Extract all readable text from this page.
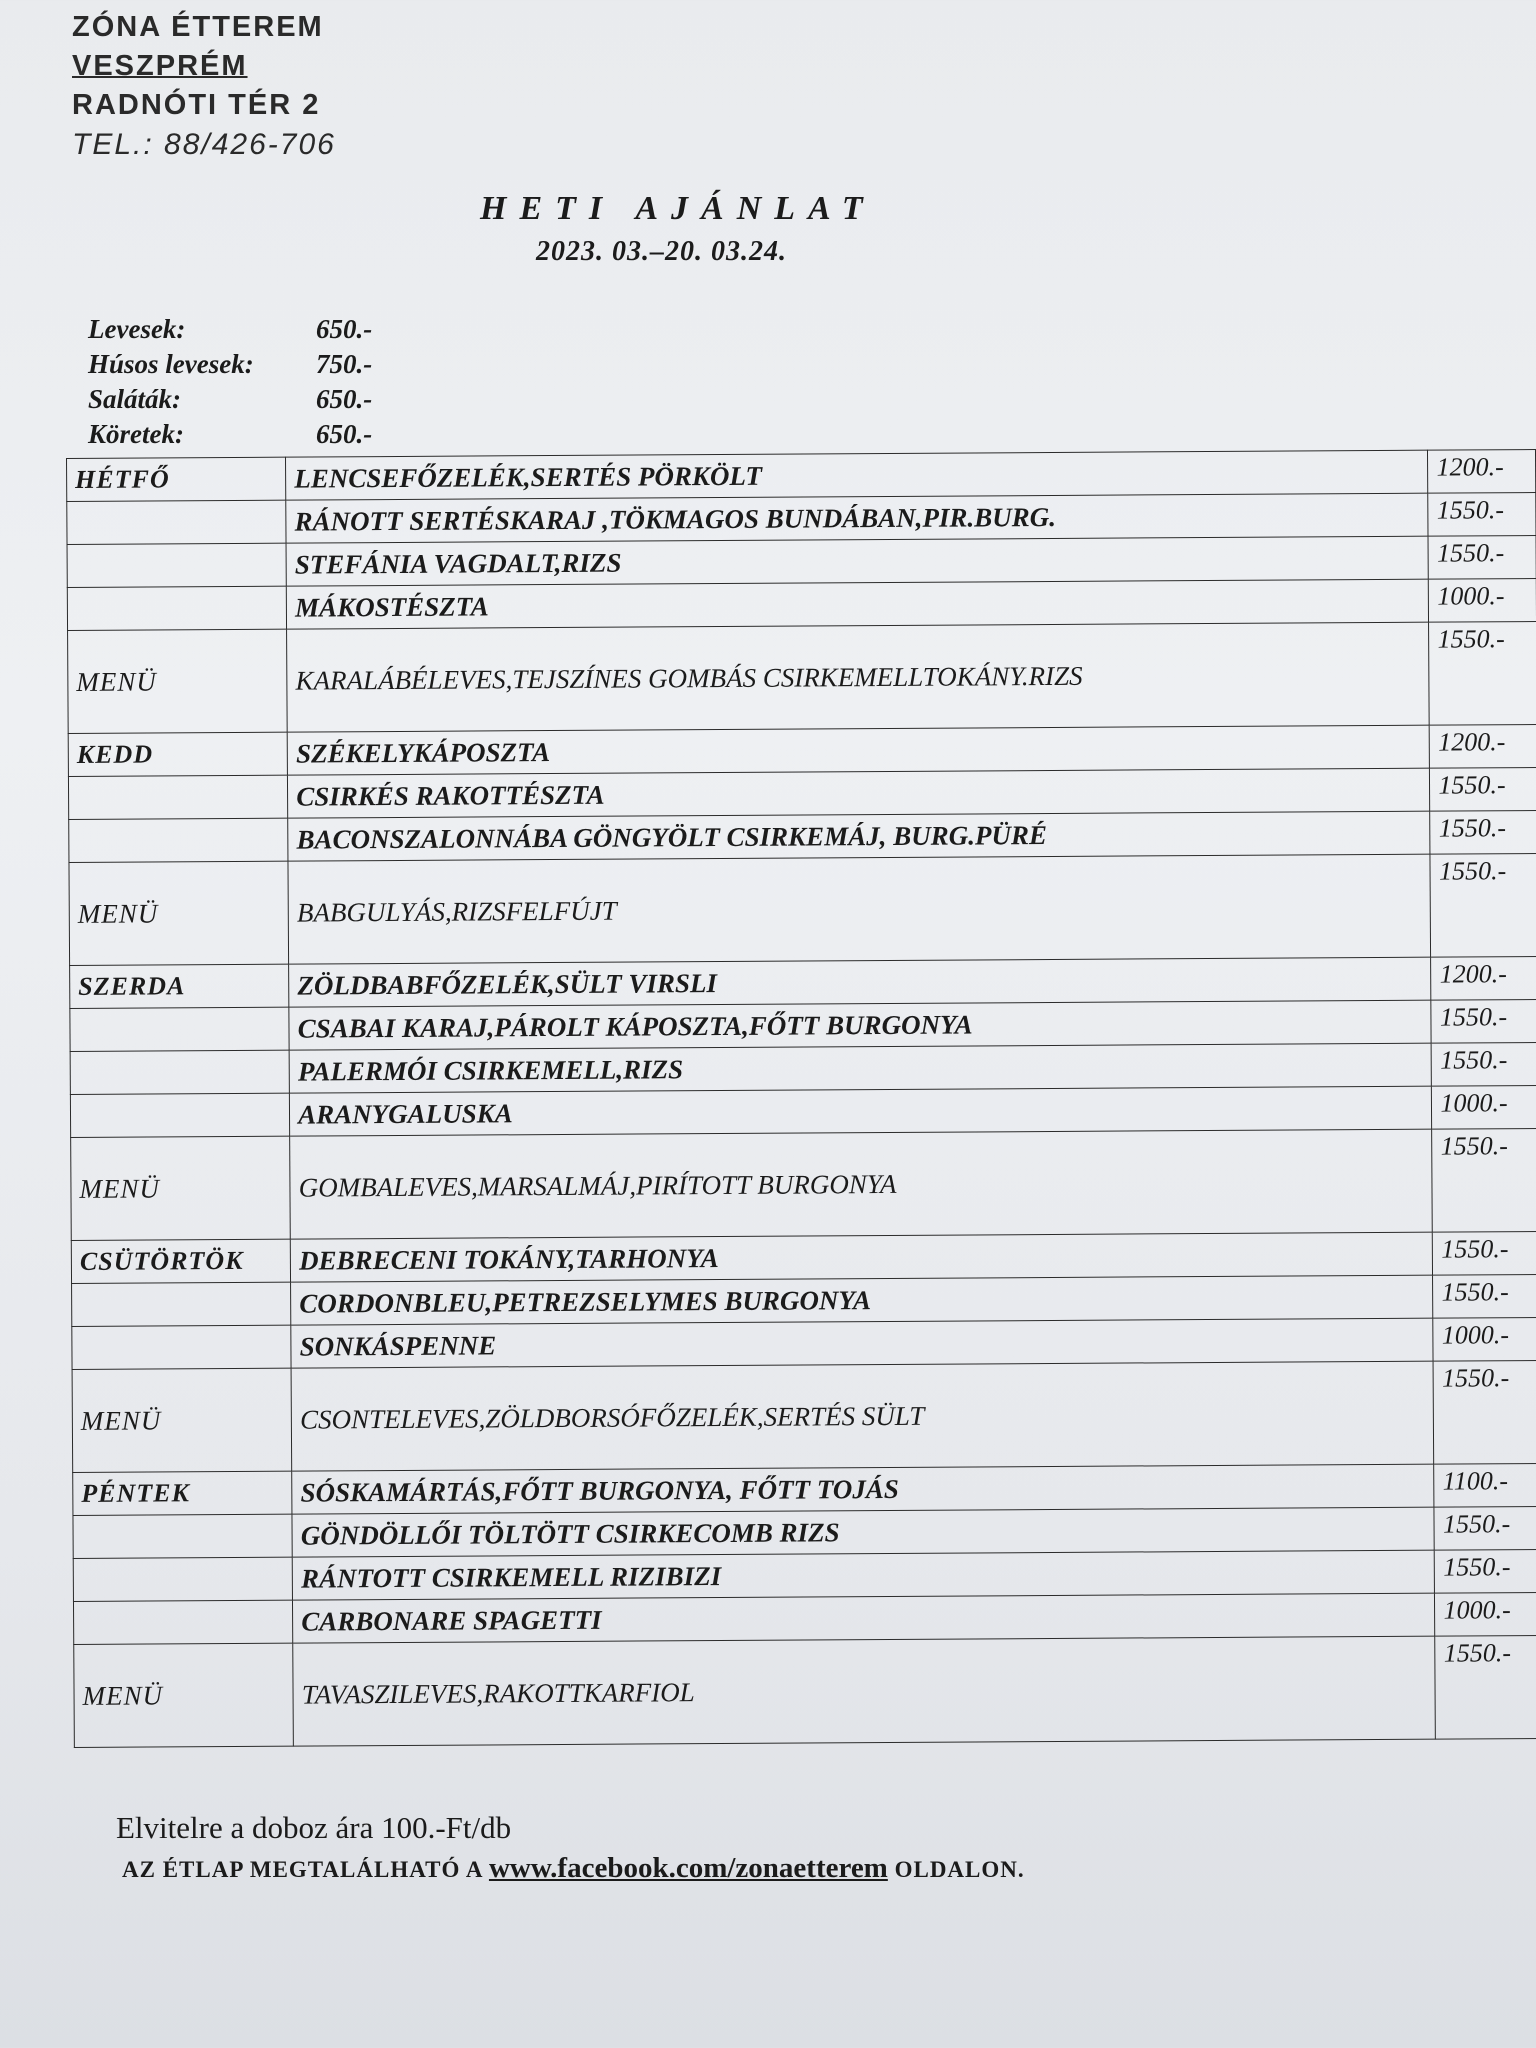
ZÓNA ÉTTEREM
VESZPRÉM
RADNÓTI TÉR 2
TEL.: 88/426-706
HETI AJÁNLAT
2023. 03.–20. 03.24.
Levesek:	650.-
Húsos levesek:	750.-
Saláták:	650.-
Köretek:	650.-
HÉTFŐ	LENCSEFŐZELÉK,SERTÉS PÖRKÖLT	1200.-
	RÁNOTT SERTÉSKARAJ ,TÖKMAGOS BUNDÁBAN,PIR.BURG.	1550.-
	STEFÁNIA VAGDALT,RIZS	1550.-
	MÁKOSTÉSZTA	1000.-
MENÜ	KARALÁBÉLEVES,TEJSZÍNES GOMBÁS CSIRKEMELLTOKÁNY.RIZS	1550.-
KEDD	SZÉKELYKÁPOSZTA	1200.-
	CSIRKÉS RAKOTTÉSZTA	1550.-
	BACONSZALONNÁBA GÖNGYÖLT CSIRKEMÁJ, BURG.PÜRÉ	1550.-
MENÜ	BABGULYÁS,RIZSFELFÚJT	1550.-
SZERDA	ZÖLDBABFŐZELÉK,SÜLT VIRSLI	1200.-
	CSABAI KARAJ,PÁROLT KÁPOSZTA,FŐTT BURGONYA	1550.-
	PALERMÓI CSIRKEMELL,RIZS	1550.-
	ARANYGALUSKA	1000.-
MENÜ	GOMBALEVES,MARSALMÁJ,PIRÍTOTT BURGONYA	1550.-
CSÜTÖRTÖK	DEBRECENI TOKÁNY,TARHONYA	1550.-
	CORDONBLEU,PETREZSELYMES BURGONYA	1550.-
	SONKÁSPENNE	1000.-
MENÜ	CSONTELEVES,ZÖLDBORSÓFŐZELÉK,SERTÉS SÜLT	1550.-
PÉNTEK	SÓSKAMÁRTÁS,FŐTT BURGONYA, FŐTT TOJÁS	1100.-
	GÖNDÖLLŐI TÖLTÖTT CSIRKECOMB RIZS	1550.-
	RÁNTOTT CSIRKEMELL RIZIBIZI	1550.-
	CARBONARE SPAGETTI	1000.-
MENÜ	TAVASZILEVES,RAKOTTKARFIOL	1550.-
Elvitelre a doboz ára 100.-Ft/db
AZ ÉTLAP MEGTALÁLHATÓ A www.facebook.com/zonaetterem OLDALON.
